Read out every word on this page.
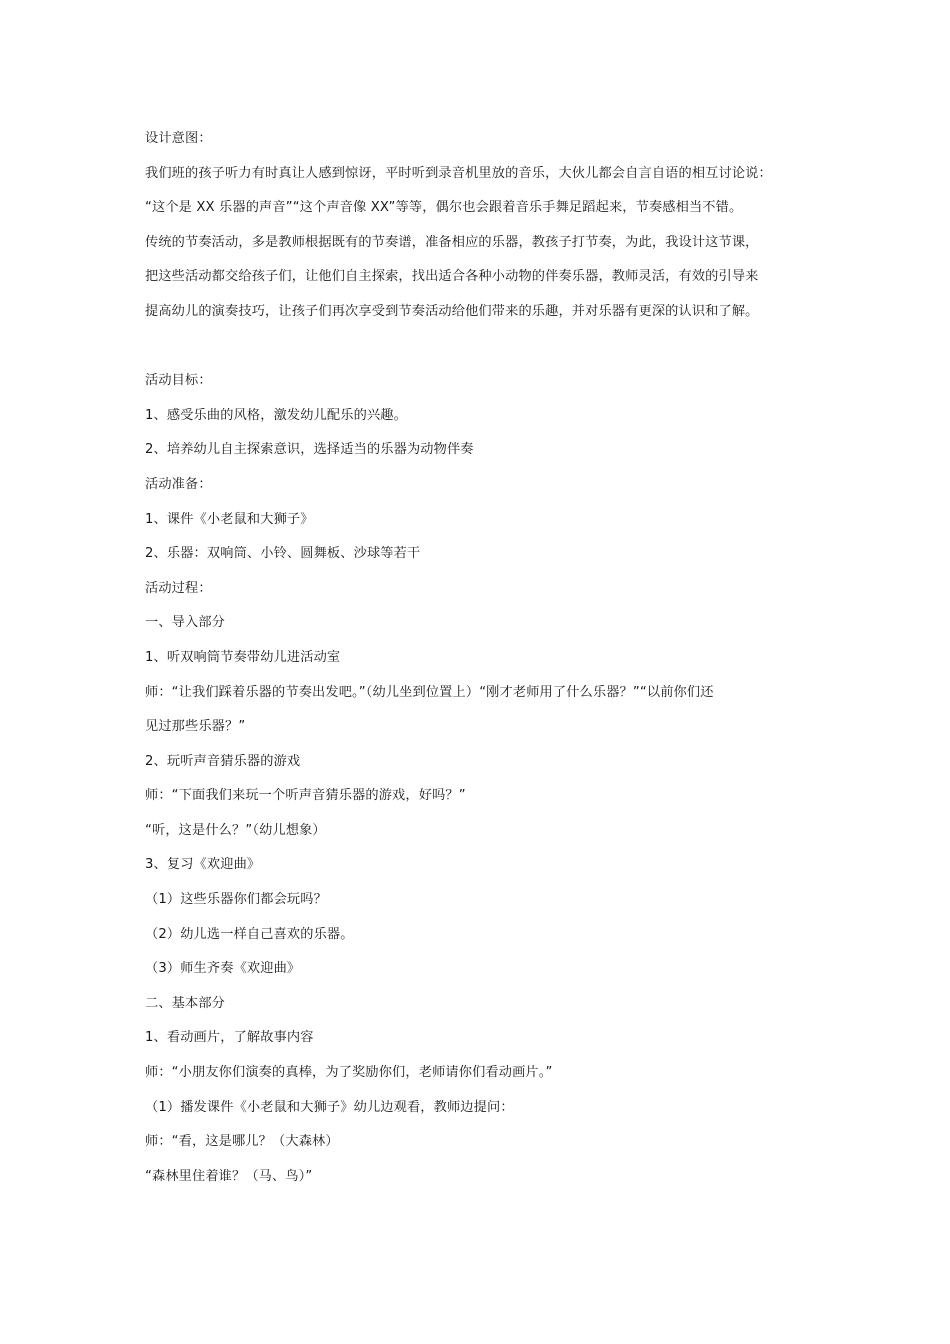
设计意图：
我们班的孩子听力有时真让人感到惊讶，平时听到录音机里放的音乐，大伙儿都会自言自语的相互讨论说：
“这个是 XX 乐器的声音”“这个声音像 XX”等等，偶尔也会跟着音乐手舞足蹈起来，节奏感相当不错。
传统的节奏活动，多是教师根据既有的节奏谱，准备相应的乐器，教孩子打节奏，为此，我设计这节课，
把这些活动都交给孩子们，让他们自主探索，找出适合各种小动物的伴奏乐器，教师灵活，有效的引导来
提高幼儿的演奏技巧，让孩子们再次享受到节奏活动给他们带来的乐趣，并对乐器有更深的认识和了解。
活动目标：
1、感受乐曲的风格，激发幼儿配乐的兴趣。
2、培养幼儿自主探索意识，选择适当的乐器为动物伴奏
活动准备：
1、课件《小老鼠和大狮子》
2、乐器：双响筒、小铃、圆舞板、沙球等若干
活动过程：
一、导入部分
1、听双响筒节奏带幼儿进活动室
师：“让我们踩着乐器的节奏出发吧。”（幼儿坐到位置上）“刚才老师用了什么乐器？”“以前你们还
见过那些乐器？”
2、玩听声音猜乐器的游戏
师：“下面我们来玩一个听声音猜乐器的游戏，好吗？”
“听，这是什么？”（幼儿想象）
3、复习《欢迎曲》
（1）这些乐器你们都会玩吗？
（2）幼儿选一样自己喜欢的乐器。
（3）师生齐奏《欢迎曲》
二、基本部分
1、看动画片，了解故事内容
师：“小朋友你们演奏的真棒，为了奖励你们，老师请你们看动画片。”
（1）播发课件《小老鼠和大狮子》幼儿边观看，教师边提问：
师：“看，这是哪儿？（大森林）
“森林里住着谁？（马、鸟）”
